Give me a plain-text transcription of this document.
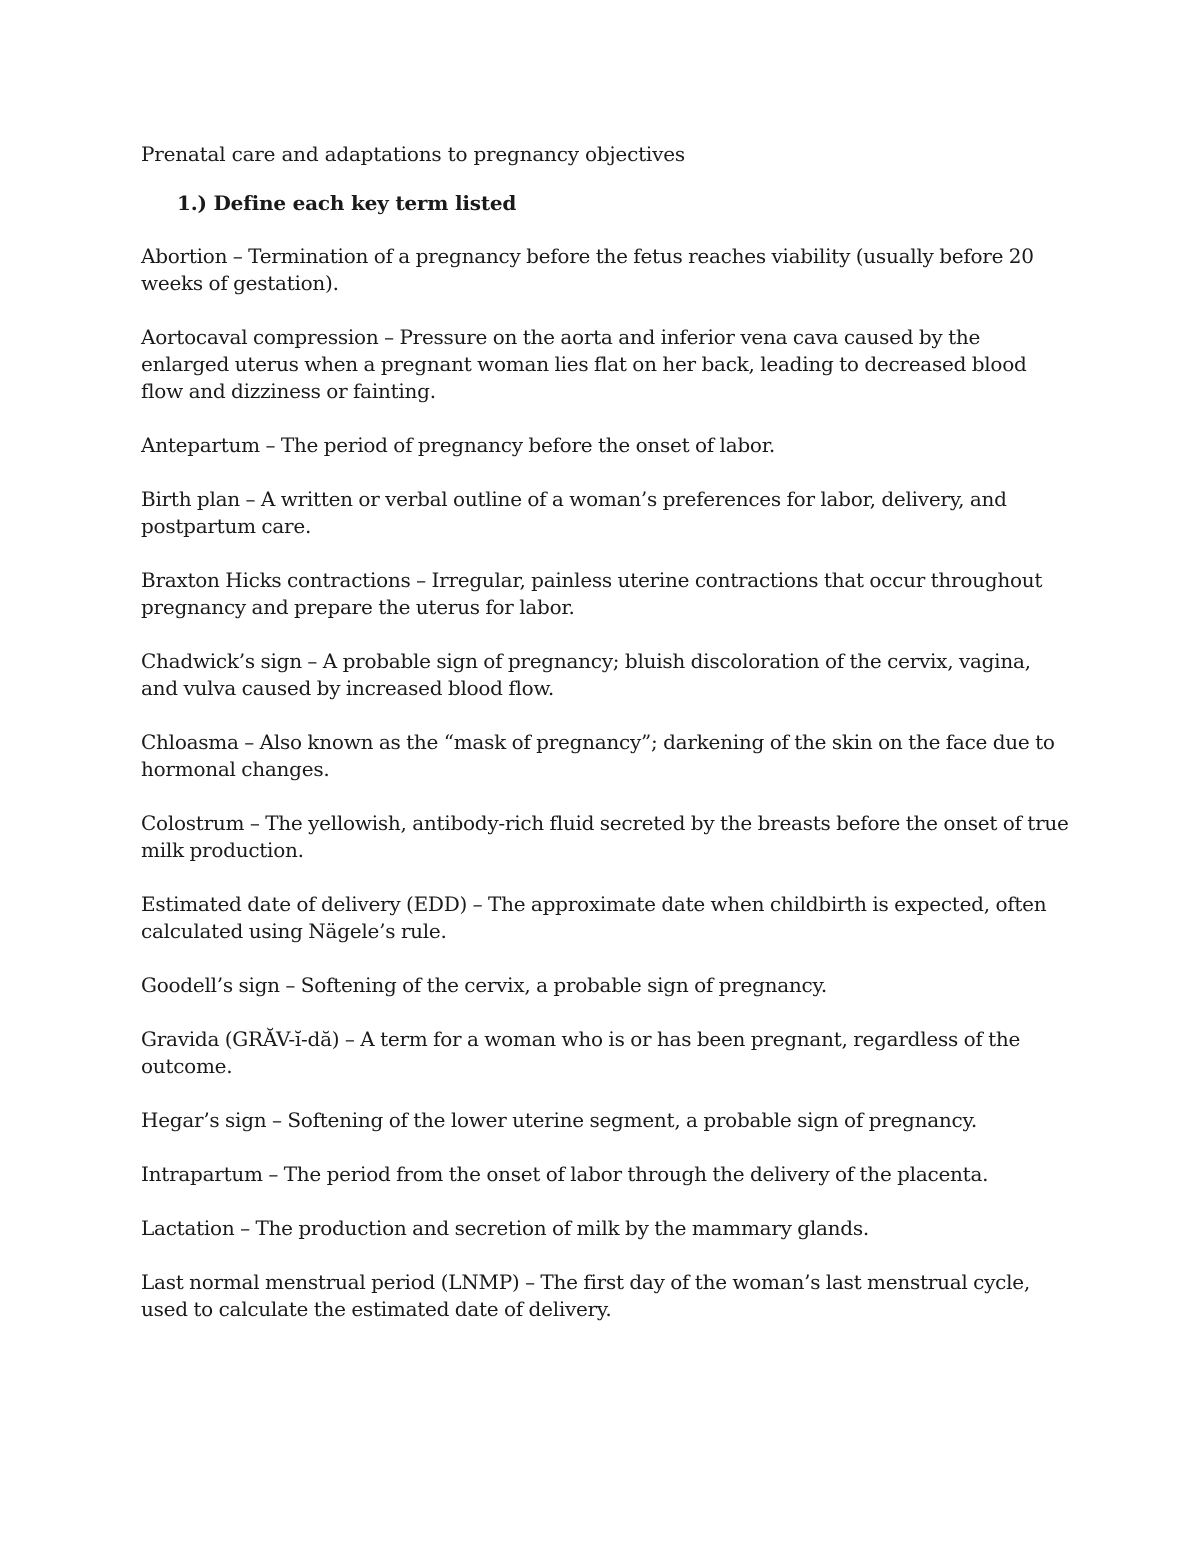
Prenatal care and adaptations to pregnancy objectives

1.) Define each key term listed

Abortion – Termination of a pregnancy before the fetus reaches viability (usually before 20 weeks of gestation).

Aortocaval compression – Pressure on the aorta and inferior vena cava caused by the enlarged uterus when a pregnant woman lies flat on her back, leading to decreased blood flow and dizziness or fainting.

Antepartum – The period of pregnancy before the onset of labor.

Birth plan – A written or verbal outline of a woman’s preferences for labor, delivery, and postpartum care.

Braxton Hicks contractions – Irregular, painless uterine contractions that occur throughout pregnancy and prepare the uterus for labor.

Chadwick’s sign – A probable sign of pregnancy; bluish discoloration of the cervix, vagina, and vulva caused by increased blood flow.

Chloasma – Also known as the “mask of pregnancy”; darkening of the skin on the face due to hormonal changes.

Colostrum – The yellowish, antibody-rich fluid secreted by the breasts before the onset of true milk production.

Estimated date of delivery (EDD) – The approximate date when childbirth is expected, often calculated using Nägele’s rule.

Goodell’s sign – Softening of the cervix, a probable sign of pregnancy.

Gravida (GRĂV-ĭ-dă) – A term for a woman who is or has been pregnant, regardless of the outcome.

Hegar’s sign – Softening of the lower uterine segment, a probable sign of pregnancy.

Intrapartum – The period from the onset of labor through the delivery of the placenta.

Lactation – The production and secretion of milk by the mammary glands.

Last normal menstrual period (LNMP) – The first day of the woman’s last menstrual cycle, used to calculate the estimated date of delivery.
